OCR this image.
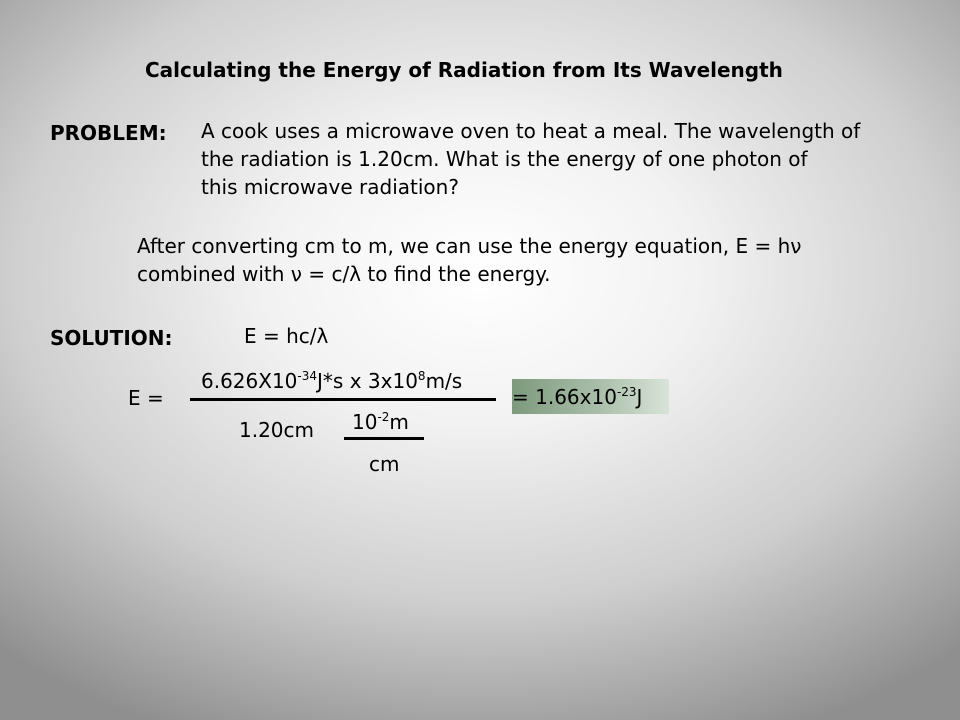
Calculating the Energy of Radiation from Its Wavelength
PROBLEM: A cook uses a microwave oven to heat a meal. The wavelength of
the radiation is 1.20cm. What is the energy of one photon of
this microwave radiation?
After converting cm to m, we can use the energy equation, E = hν
combined with ν = c/λ to find the energy.
SOLUTION:	E = hc/λ
E =
$6.626X10^{-34}J*s$ x $3x10^8m/s$
1.20cm $10^{-2}m$
cm
= $1.66x10^{-23}J$
